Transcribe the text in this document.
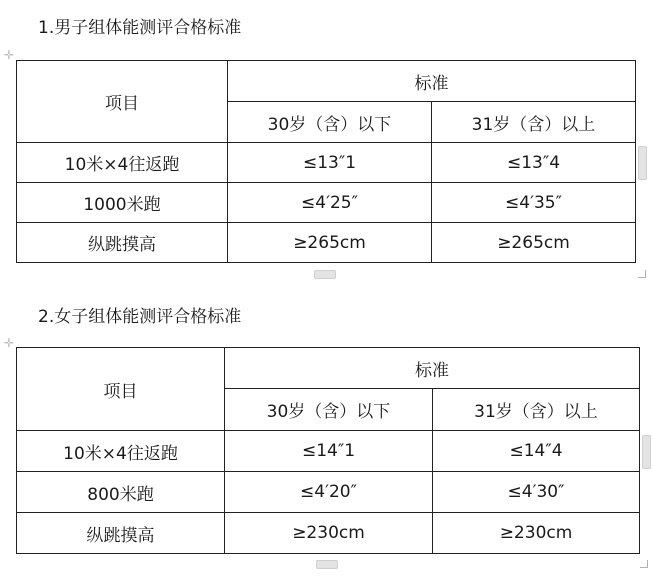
1.男子组体能测评合格标准
✛
项目	标准	
	30岁（含）以下	31岁（含）以上
10米×4往返跑	≤13″1	≤13″4
1000米跑	≤4′25″	≤4′35″
纵跳摸高	≥265cm	≥265cm
2.女子组体能测评合格标准
✛
项目	标准	
	30岁（含）以下	31岁（含）以上
10米×4往返跑	≤14″1	≤14″4
800米跑	≤4′20″	≤4′30″
纵跳摸高	≥230cm	≥230cm
